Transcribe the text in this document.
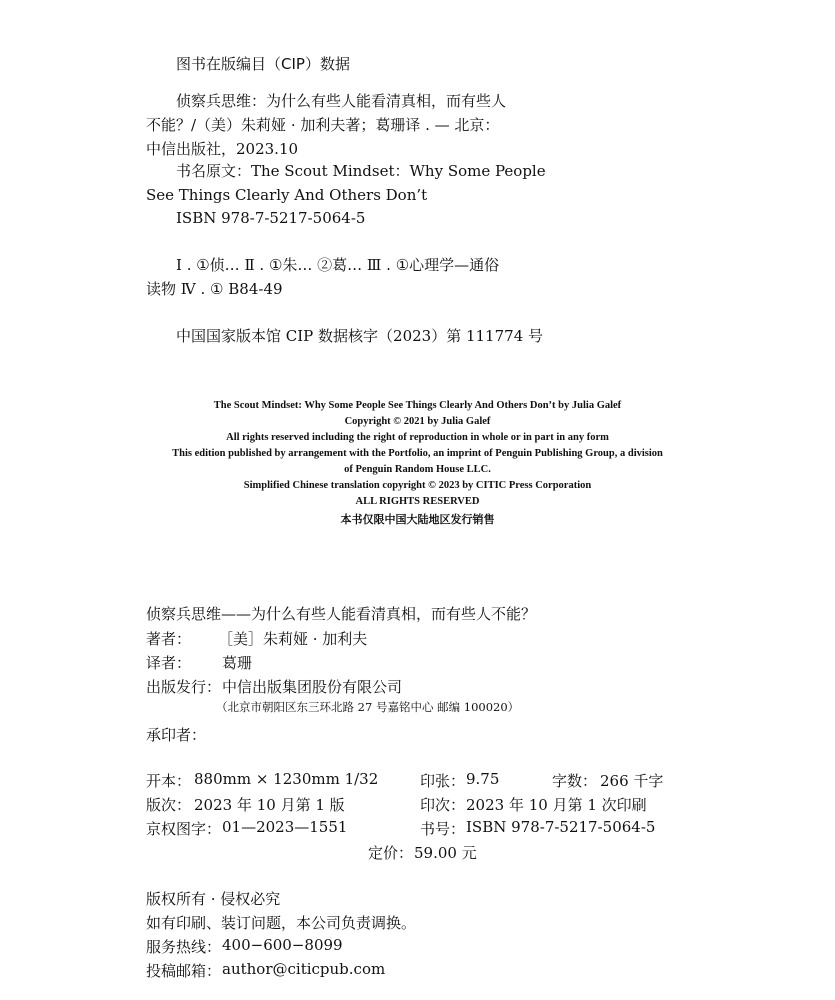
图书在版编目（CIP）数据
侦察兵思维：为什么有些人能看清真相，而有些人
不能？/（美）朱莉娅 · 加利夫著；葛珊译 . — 北京：
中信出版社，2023.10
书名原文：The Scout Mindset：Why Some People
See Things Clearly And Others Don’t
ISBN 978-7-5217-5064-5
Ⅰ . ①侦… Ⅱ . ①朱… ②葛… Ⅲ . ①心理学—通俗
读物 Ⅳ . ① B84-49
中国国家版本馆 CIP 数据核字（2023）第 111774 号
The Scout Mindset: Why Some People See Things Clearly And Others Don’t by Julia Galef
Copyright © 2021 by Julia Galef
All rights reserved including the right of reproduction in whole or in part in any form
This edition published by arrangement with the Portfolio, an imprint of Penguin Publishing Group, a division
of Penguin Random House LLC.
Simplified Chinese translation copyright © 2023 by CITIC Press Corporation
ALL RIGHTS RESERVED
本书仅限中国大陆地区发行销售
侦察兵思维——为什么有些人能看清真相，而有些人不能？
著者： ［美］朱莉娅 · 加利夫
译者： 葛珊
出版发行： 中信出版集团股份有限公司
（北京市朝阳区东三环北路 27 号嘉铭中心 邮编 100020）
承印者：
开本： 880mm × 1230mm 1/32	印张： 9.75	字数： 266 千字
版次： 2023 年 10 月第 1 版	印次： 2023 年 10 月第 1 次印刷
京权图字： 01—2023—1551	书号： ISBN 978-7-5217-5064-5
定价： 59.00 元
版权所有 · 侵权必究
如有印刷、装订问题，本公司负责调换。
服务热线： 400−600−8099
投稿邮箱： author@citicpub.com
